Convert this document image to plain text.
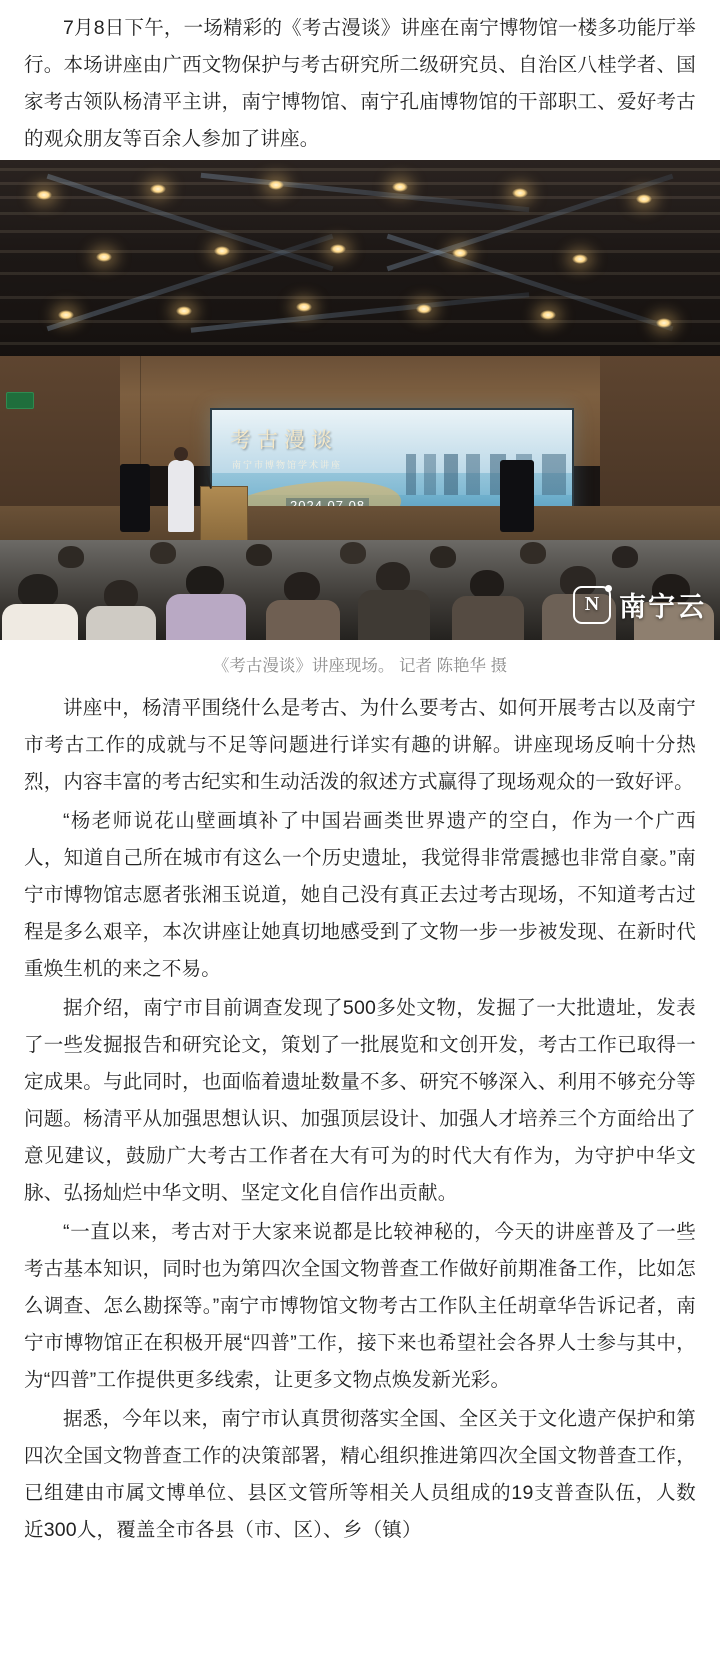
7月8日下午，一场精彩的《考古漫谈》讲座在南宁博物馆一楼多功能厅举行。本场讲座由广西文物保护与考古研究所二级研究员、自治区八桂学者、国家考古领队杨清平主讲，南宁博物馆、南宁孔庙博物馆的干部职工、爱好考古的观众朋友等百余人参加了讲座。

考古漫谈
南宁市博物馆学术讲座
N 南宁云
《考古漫谈》讲座现场。 记者 陈艳华 摄

讲座中，杨清平围绕什么是考古、为什么要考古、如何开展考古以及南宁市考古工作的成就与不足等问题进行详实有趣的讲解。讲座现场反响十分热烈，内容丰富的考古纪实和生动活泼的叙述方式赢得了现场观众的一致好评。

“杨老师说花山壁画填补了中国岩画类世界遗产的空白，作为一个广西人，知道自己所在城市有这么一个历史遗址，我觉得非常震撼也非常自豪。”南宁市博物馆志愿者张湘玉说道，她自己没有真正去过考古现场，不知道考古过程是多么艰辛，本次讲座让她真切地感受到了文物一步一步被发现、在新时代重焕生机的来之不易。

据介绍，南宁市目前调查发现了500多处文物，发掘了一大批遗址，发表了一些发掘报告和研究论文，策划了一批展览和文创开发，考古工作已取得一定成果。与此同时，也面临着遗址数量不多、研究不够深入、利用不够充分等问题。杨清平从加强思想认识、加强顶层设计、加强人才培养三个方面给出了意见建议，鼓励广大考古工作者在大有可为的时代大有作为，为守护中华文脉、弘扬灿烂中华文明、坚定文化自信作出贡献。

“一直以来，考古对于大家来说都是比较神秘的，今天的讲座普及了一些考古基本知识，同时也为第四次全国文物普查工作做好前期准备工作，比如怎么调查、怎么勘探等。”南宁市博物馆文物考古工作队主任胡章华告诉记者，南宁市博物馆正在积极开展“四普”工作，接下来也希望社会各界人士参与其中，为“四普”工作提供更多线索，让更多文物点焕发新光彩。

据悉，今年以来，南宁市认真贯彻落实全国、全区关于文化遗产保护和第四次全国文物普查工作的决策部署，精心组织推进第四次全国文物普查工作，已组建由市属文博单位、县区文管所等相关人员组成的19支普查队伍，人数近300人，覆盖全市各县（市、区）、乡（镇）
